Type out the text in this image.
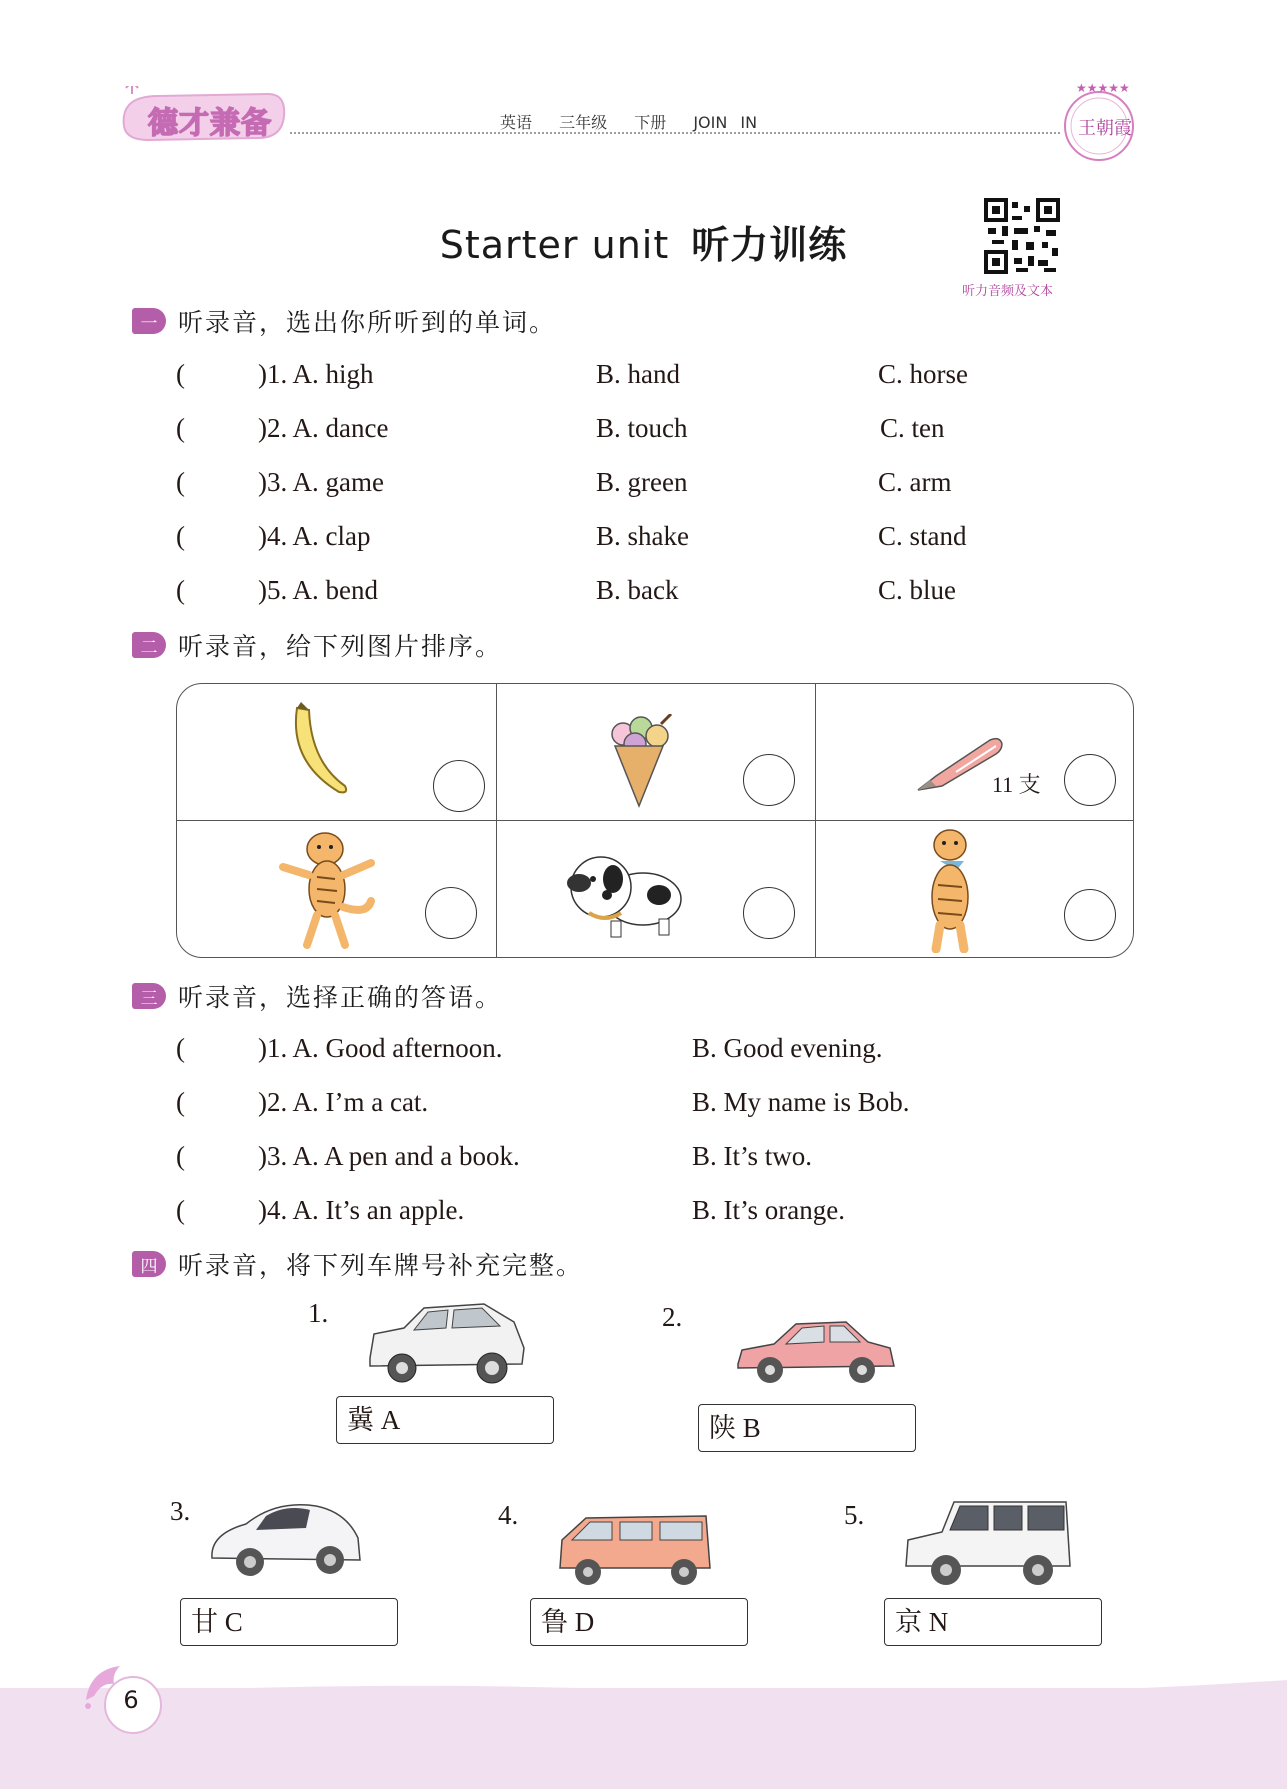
德才兼备	英语 三年级 下册 JOIN IN
★★★★★
王朝霞
Starter unit 听力训练
听力音频及文本
一 听录音，选出你所听到的单词。
(	)1. A. high	B. hand	C. horse
(	)2. A. dance	B. touch	C. ten
(	)3. A. game	B. green	C. arm
(	)4. A. clap	B. shake	C. stand
(	)5. A. bend	B. back	C. blue
二 听录音，给下列图片排序。
11 支
三 听录音，选择正确的答语。
(	)1. A. Good afternoon.	B. Good evening.
(	)2. A. I’m a cat.	B. My name is Bob.
(	)3. A. A pen and a book.	B. It’s two.
(	)4. A. It’s an apple.	B. It’s orange.
四 听录音，将下列车牌号补充完整。
1.
冀 A
2.
陕 B
3.
甘 C
4.
鲁 D
5.
京 N
6
